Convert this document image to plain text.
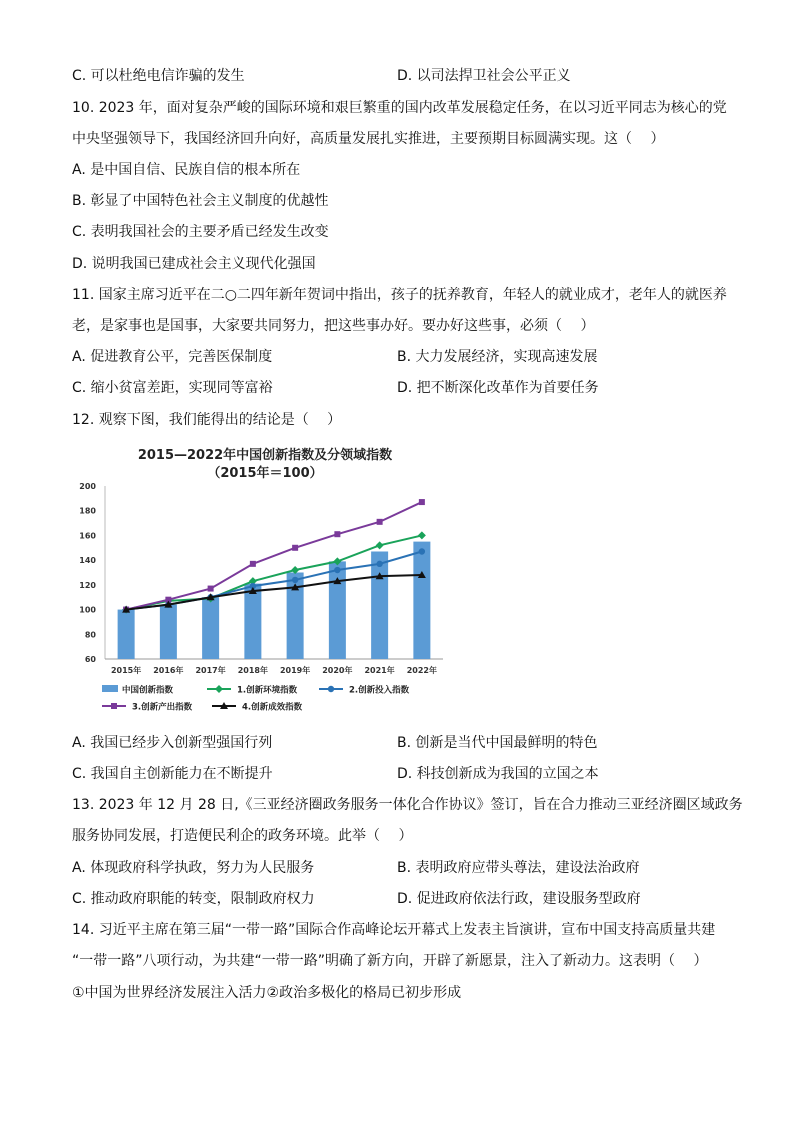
C. 可以杜绝电信诈骗的发生	D. 以司法捍卫社会公平正义
10. 2023 年，面对复杂严峻的国际环境和艰巨繁重的国内改革发展稳定任务，在以习近平同志为核心的党
中央坚强领导下，我国经济回升向好，高质量发展扎实推进，主要预期目标圆满实现。这（　 ）
A. 是中国自信、民族自信的根本所在
B. 彰显了中国特色社会主义制度的优越性
C. 表明我国社会的主要矛盾已经发生改变
D. 说明我国已建成社会主义现代化强国
11. 国家主席习近平在二○二四年新年贺词中指出，孩子的抚养教育，年轻人的就业成才，老年人的就医养
老，是家事也是国事，大家要共同努力，把这些事办好。要办好这些事，必须（　 ）
A. 促进教育公平，完善医保制度	B. 大力发展经济，实现高速发展
C. 缩小贫富差距，实现同等富裕	D. 把不断深化改革作为首要任务
12. 观察下图，我们能得出的结论是（　 ）
2015—2022年中国创新指数及分领域指数
（2015年＝100）
60
80
100
120
140
160
180
200
2015年 2016年 2017年 2018年 2019年 2020年 2021年 2022年
中国创新指数	1.创新环境指数	2.创新投入指数
3.创新产出指数	4.创新成效指数
A. 我国已经步入创新型强国行列	B. 创新是当代中国最鲜明的特色
C. 我国自主创新能力在不断提升	D. 科技创新成为我国的立国之本
13. 2023 年 12 月 28 日,《三亚经济圈政务服务一体化合作协议》签订，旨在合力推动三亚经济圈区域政务
服务协同发展，打造便民利企的政务环境。此举（　 ）
A. 体现政府科学执政，努力为人民服务	B. 表明政府应带头尊法，建设法治政府
C. 推动政府职能的转变，限制政府权力	D. 促进政府依法行政，建设服务型政府
14. 习近平主席在第三届“一带一路”国际合作高峰论坛开幕式上发表主旨演讲，宣布中国支持高质量共建
“一带一路”八项行动，为共建“一带一路”明确了新方向，开辟了新愿景，注入了新动力。这表明（　 ）
①中国为世界经济发展注入活力②政治多极化的格局已初步形成
